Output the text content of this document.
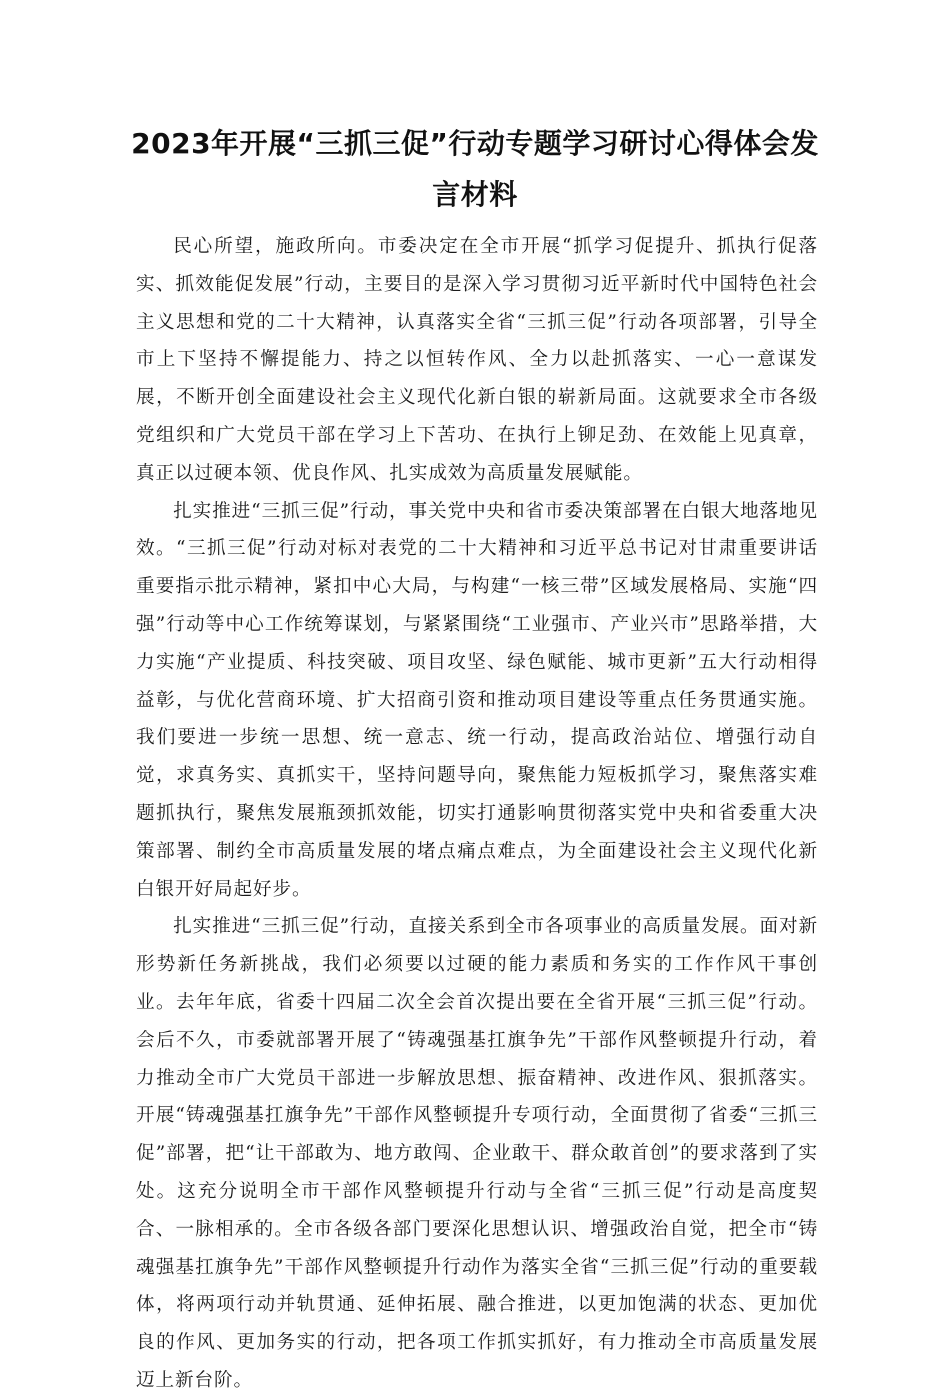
2023年开展“三抓三促”行动专题学习研讨心得体会发言材料

民心所望，施政所向。市委决定在全市开展“抓学习促提升、抓执行促落实、抓效能促发展”行动，主要目的是深入学习贯彻习近平新时代中国特色社会主义思想和党的二十大精神，认真落实全省“三抓三促”行动各项部署，引导全市上下坚持不懈提能力、持之以恒转作风、全力以赴抓落实、一心一意谋发展，不断开创全面建设社会主义现代化新白银的崭新局面。这就要求全市各级党组织和广大党员干部在学习上下苦功、在执行上铆足劲、在效能上见真章，真正以过硬本领、优良作风、扎实成效为高质量发展赋能。

扎实推进“三抓三促”行动，事关党中央和省市委决策部署在白银大地落地见效。“三抓三促”行动对标对表党的二十大精神和习近平总书记对甘肃重要讲话重要指示批示精神，紧扣中心大局，与构建“一核三带”区域发展格局、实施“四强”行动等中心工作统筹谋划，与紧紧围绕“工业强市、产业兴市”思路举措，大力实施“产业提质、科技突破、项目攻坚、绿色赋能、城市更新”五大行动相得益彰，与优化营商环境、扩大招商引资和推动项目建设等重点任务贯通实施。我们要进一步统一思想、统一意志、统一行动，提高政治站位、增强行动自觉，求真务实、真抓实干，坚持问题导向，聚焦能力短板抓学习，聚焦落实难题抓执行，聚焦发展瓶颈抓效能，切实打通影响贯彻落实党中央和省委重大决策部署、制约全市高质量发展的堵点痛点难点，为全面建设社会主义现代化新白银开好局起好步。

扎实推进“三抓三促”行动，直接关系到全市各项事业的高质量发展。面对新形势新任务新挑战，我们必须要以过硬的能力素质和务实的工作作风干事创业。去年年底，省委十四届二次全会首次提出要在全省开展“三抓三促”行动。会后不久，市委就部署开展了“铸魂强基扛旗争先”干部作风整顿提升行动，着力推动全市广大党员干部进一步解放思想、振奋精神、改进作风、狠抓落实。开展“铸魂强基扛旗争先”干部作风整顿提升专项行动，全面贯彻了省委“三抓三促”部署，把“让干部敢为、地方敢闯、企业敢干、群众敢首创”的要求落到了实处。这充分说明全市干部作风整顿提升行动与全省“三抓三促”行动是高度契合、一脉相承的。全市各级各部门要深化思想认识、增强政治自觉，把全市“铸魂强基扛旗争先”干部作风整顿提升行动作为落实全省“三抓三促”行动的重要载体，将两项行动并轨贯通、延伸拓展、融合推进，以更加饱满的状态、更加优良的作风、更加务实的行动，把各项工作抓实抓好，有力推动全市高质量发展迈上新台阶。
